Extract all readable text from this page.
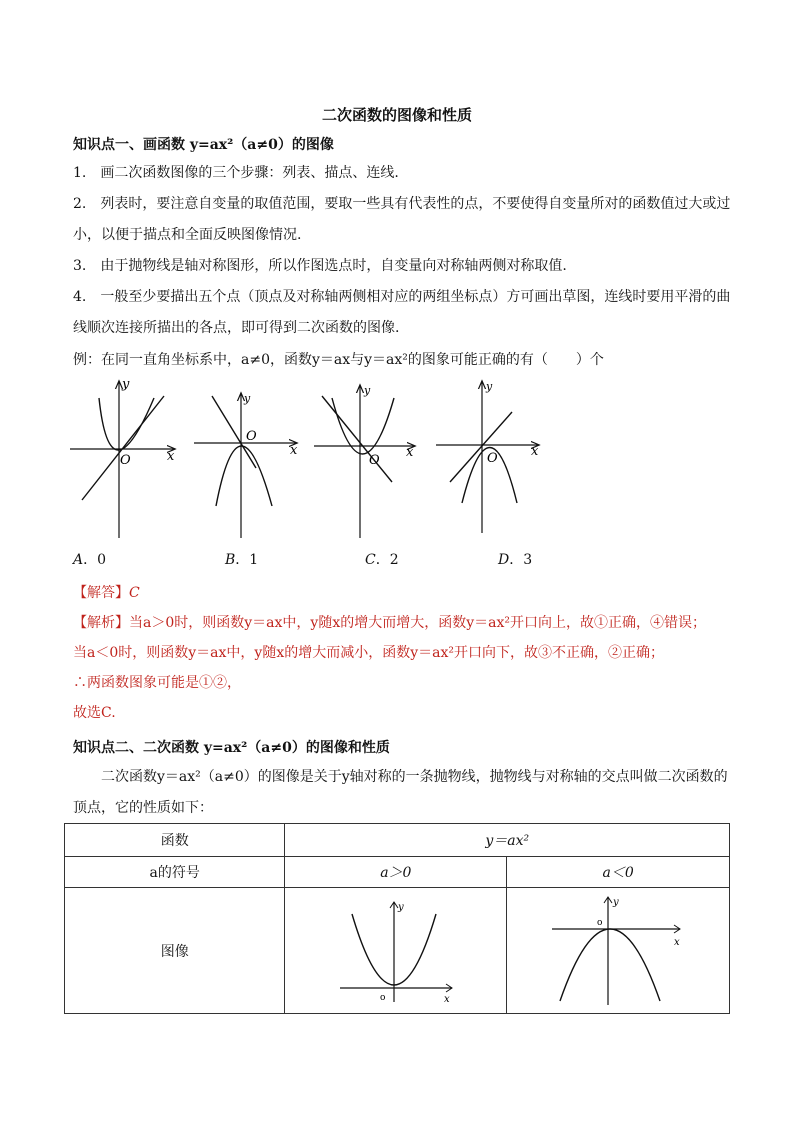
二次函数的图像和性质
知识点一、画函数 y=ax²（a≠0）的图像
1.　画二次函数图像的三个步骤：列表、描点、连线.
2.　列表时，要注意自变量的取值范围，要取一些具有代表性的点，不要使得自变量所对的函数值过大或过小，以便于描点和全面反映图像情况.
3.　由于抛物线是轴对称图形，所以作图选点时，自变量向对称轴两侧对称取值.
4.　一般至少要描出五个点（顶点及对称轴两侧相对应的两组坐标点）方可画出草图，连线时要用平滑的曲线顺次连接所描出的各点，即可得到二次函数的图像.
例：在同一直角坐标系中，a≠0，函数y＝ax与y＝ax²的图象可能正确的有（　　）个
y
x
O
y
x
O
y
x
O
y
x
O
A．0	B．1	C．2	D．3
【解答】C
【解析】当a＞0时，则函数y＝ax中，y随x的增大而增大，函数y＝ax²开口向上，故①正确，④错误；
当a＜0时，则函数y＝ax中，y随x的增大而减小，函数y＝ax²开口向下，故③不正确，②正确；
∴两函数图象可能是①②，
故选C.
知识点二、二次函数 y=ax²（a≠0）的图像和性质
二次函数y＝ax²（a≠0）的图像是关于y轴对称的一条抛物线，抛物线与对称轴的交点叫做二次函数的顶点，它的性质如下：
函数	y＝ax²	
a的符号	a＞0	a＜0
图像	y
x
o	y
x
o
